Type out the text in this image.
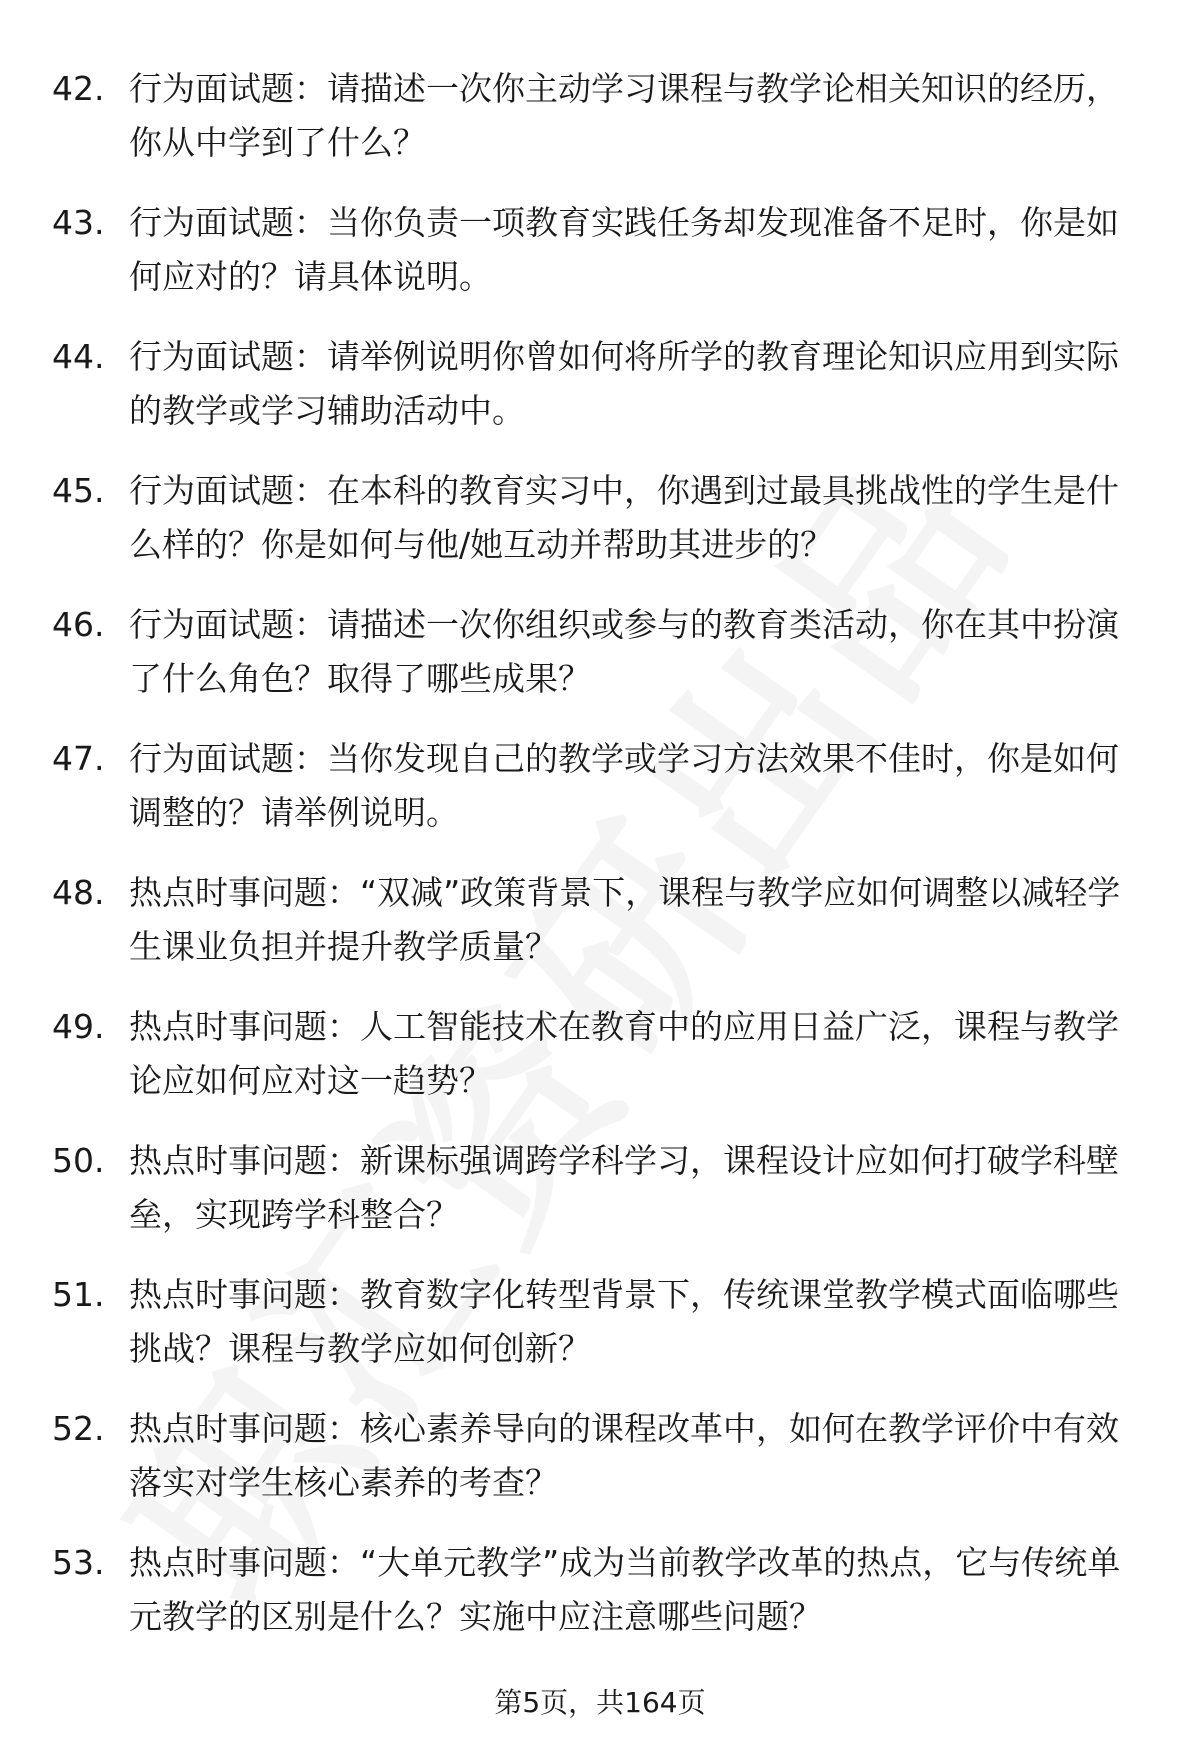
42. 行为面试题：请描述一次你主动学习课程与教学论相关知识的经历，你从中学到了什么？
43. 行为面试题：当你负责一项教育实践任务却发现准备不足时，你是如何应对的？请具体说明。
44. 行为面试题：请举例说明你曾如何将所学的教育理论知识应用到实际的教学或学习辅助活动中。
45. 行为面试题：在本科的教育实习中，你遇到过最具挑战性的学生是什么样的？你是如何与他/她互动并帮助其进步的？
46. 行为面试题：请描述一次你组织或参与的教育类活动，你在其中扮演了什么角色？取得了哪些成果？
47. 行为面试题：当你发现自己的教学或学习方法效果不佳时，你是如何调整的？请举例说明。
48. 热点时事问题：“双减”政策背景下，课程与教学应如何调整以减轻学生课业负担并提升教学质量？
49. 热点时事问题：人工智能技术在教育中的应用日益广泛，课程与教学论应如何应对这一趋势？
50. 热点时事问题：新课标强调跨学科学习，课程设计应如何打破学科壁垒，实现跨学科整合？
51. 热点时事问题：教育数字化转型背景下，传统课堂教学模式面临哪些挑战？课程与教学应如何创新？
52. 热点时事问题：核心素养导向的课程改革中，如何在教学评价中有效落实对学生核心素养的考查？
53. 热点时事问题：“大单元教学”成为当前教学改革的热点，它与传统单元教学的区别是什么？实施中应注意哪些问题？
第5页，共164页
